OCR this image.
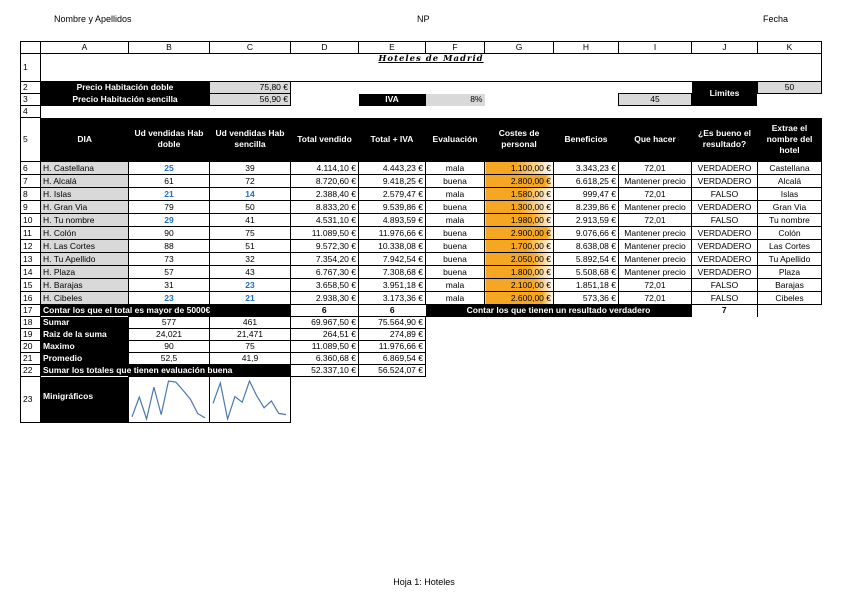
Nombre y Apellidos	NP	Fecha
	A	B	C	D	E	F	G	H	I	J	K	
1	Hoteles de Madrid											
2	Precio Habitación doble		75,80 €							Limites	50	
3	Precio Habitación sencilla		56,90 €		IVA	8%			45			
4												
5	DIA	Ud vendidas Hab doble	Ud vendidas Hab sencilla	Total vendido	Total + IVA	Evaluación	Costes de personal	Beneficios	Que hacer	¿Es bueno el resultado?	Extrae el nombre del hotel	
6	H. Castellana	25	39	4.114,10 €	4.443,23 €	mala	1.100,00 €	3.343,23 €	72,01	VERDADERO	Castellana	
7	H. Alcalá	61	72	8.720,60 €	9.418,25 €	buena	2.800,00 €	6.618,25 €	Mantener precio	VERDADERO	Alcalá	
8	H. Islas	21	14	2.388,40 €	2.579,47 €	mala	1.580,00 €	999,47 €	72,01	FALSO	Islas	
9	H. Gran Via	79	50	8.833,20 €	9.539,86 €	buena	1.300,00 €	8.239,86 €	Mantener precio	VERDADERO	Gran Via	
10	H. Tu nombre	29	41	4.531,10 €	4.893,59 €	mala	1.980,00 €	2.913,59 €	72,01	FALSO	Tu nombre	
11	H. Colón	90	75	11.089,50 €	11.976,66 €	buena	2.900,00 €	9.076,66 €	Mantener precio	VERDADERO	Colón	
12	H. Las Cortes	88	51	9.572,30 €	10.338,08 €	buena	1.700,00 €	8.638,08 €	Mantener precio	VERDADERO	Las Cortes	
13	H. Tu Apellido	73	32	7.354,20 €	7.942,54 €	buena	2.050,00 €	5.892,54 €	Mantener precio	VERDADERO	Tu Apellido	
14	H. Plaza	57	43	6.767,30 €	7.308,68 €	buena	1.800,00 €	5.508,68 €	Mantener precio	VERDADERO	Plaza	
15	H. Barajas	31	23	3.658,50 €	3.951,18 €	mala	2.100,00 €	1.851,18 €	72,01	FALSO	Barajas	
16	H. Cibeles	23	21	2.938,30 €	3.173,36 €	mala	2.600,00 €	573,36 €	72,01	FALSO	Cibeles	
17	Contar los que el total es mayor de 5000€			6	6	Contar los que tienen un resultado verdadero				7		
18	Sumar	577	461	69.967,50 €	75.564,90 €							
19	Raiz de la suma	24,021	21,471	264,51 €	274,89 €							
20	Maximo	90	75	11.089,50 €	11.976,66 €							
21	Promedio	52,5	41,9	6.360,68 €	6.869,54 €							
22	Sumar los totales que tienen evaluación buena			52.337,10 €	56.524,07 €							
23	Minigráficos	

Hoja 1: Hoteles
